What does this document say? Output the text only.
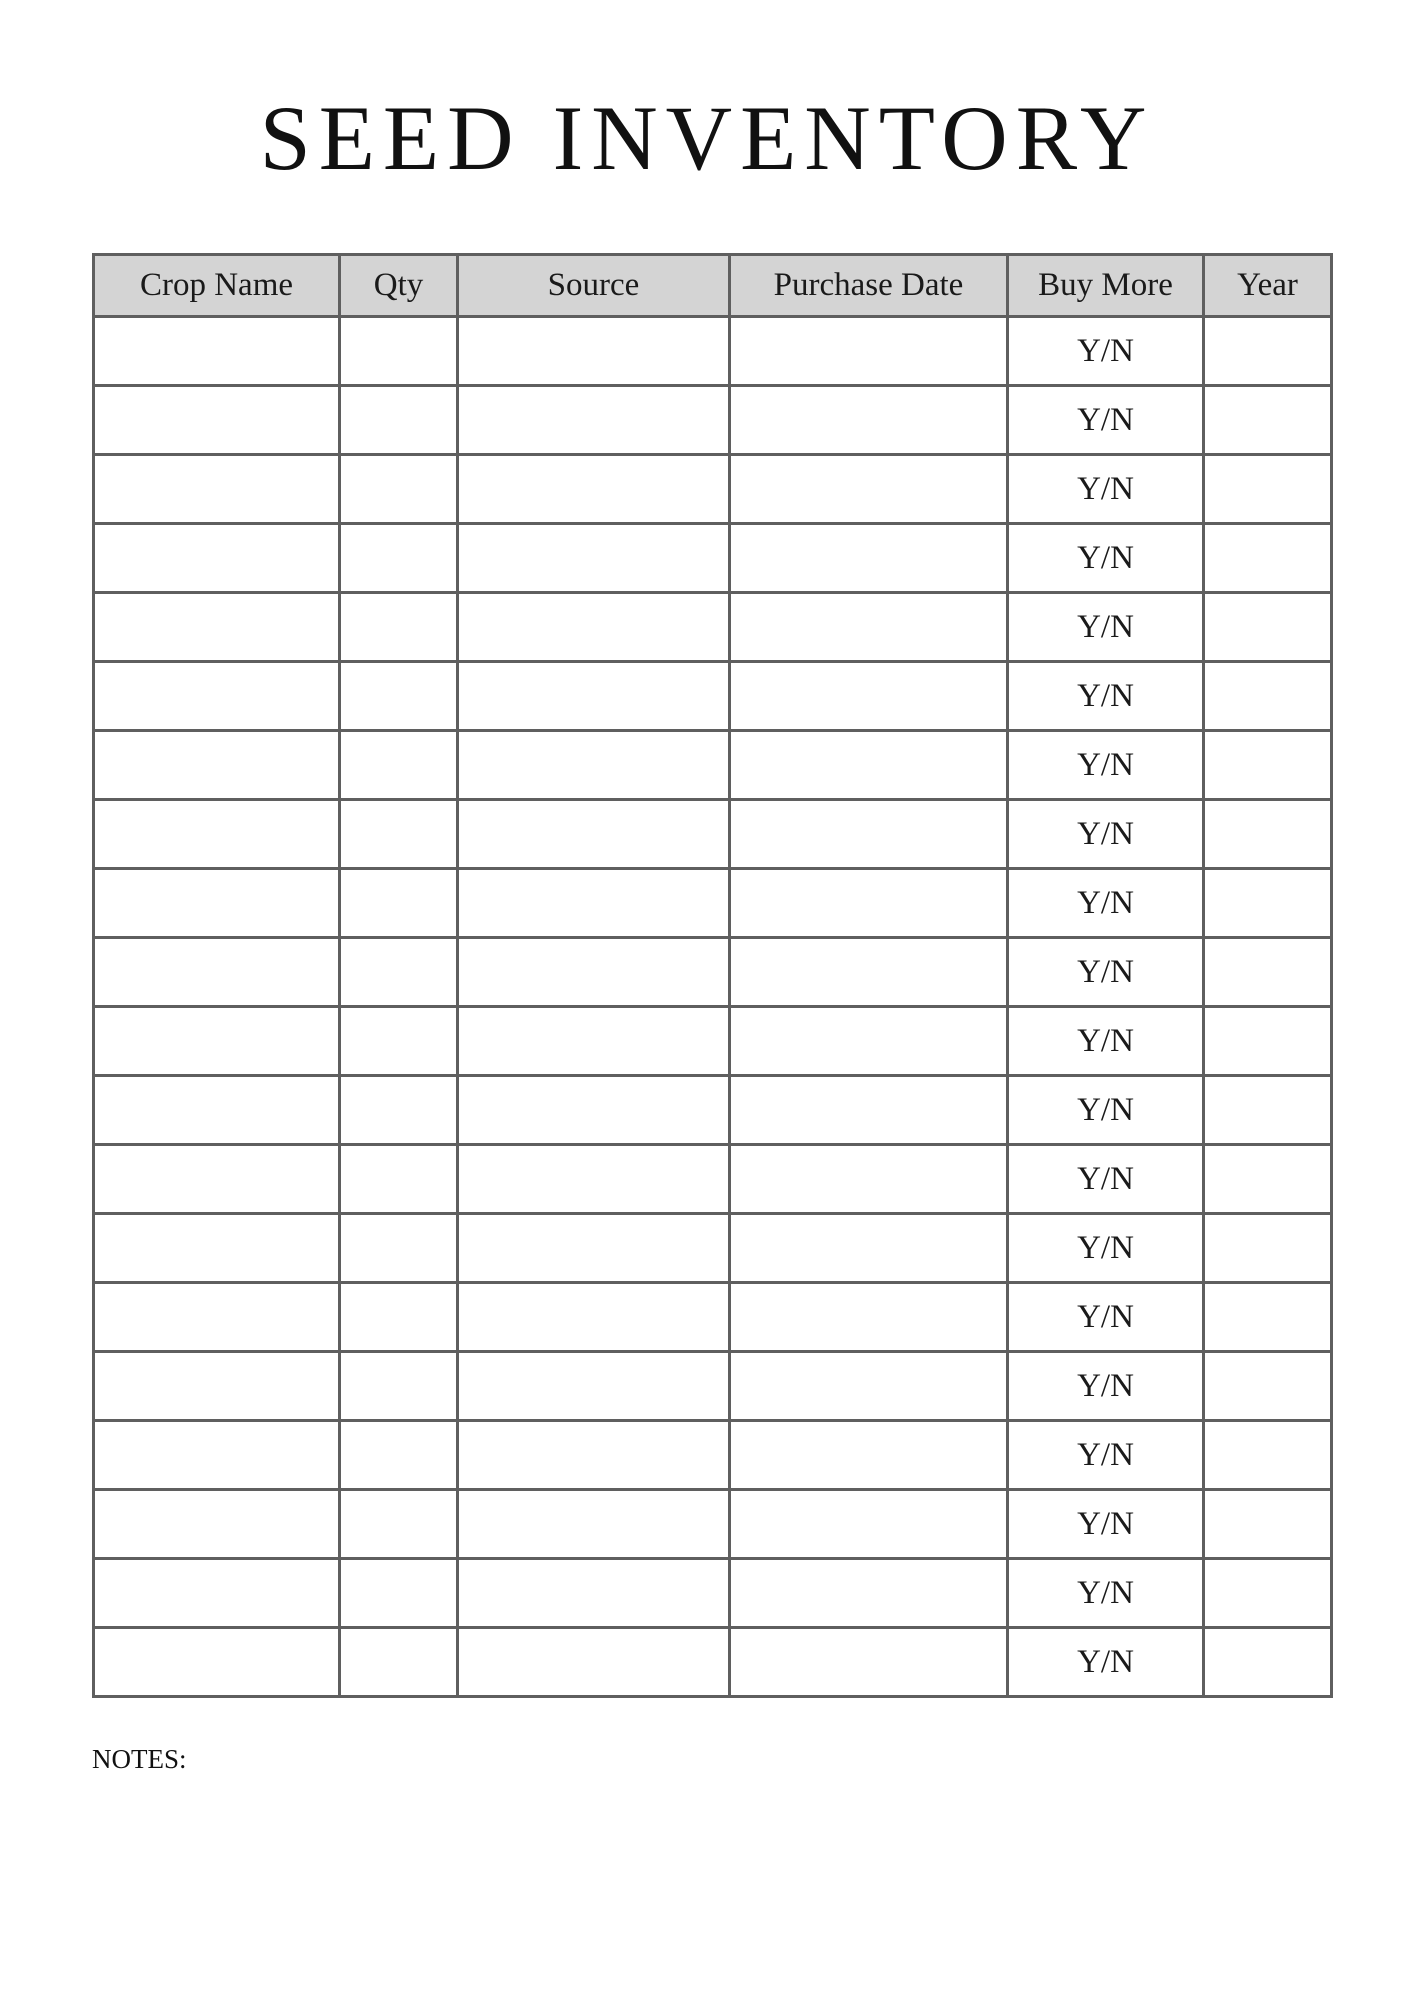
SEED INVENTORY
Crop Name	Qty	Source	Purchase Date	Buy More	Year
				Y/N	
				Y/N	
				Y/N	
				Y/N	
				Y/N	
				Y/N	
				Y/N	
				Y/N	
				Y/N	
				Y/N	
				Y/N	
				Y/N	
				Y/N	
				Y/N	
				Y/N	
				Y/N	
				Y/N	
				Y/N	
				Y/N	
				Y/N	
NOTES:
